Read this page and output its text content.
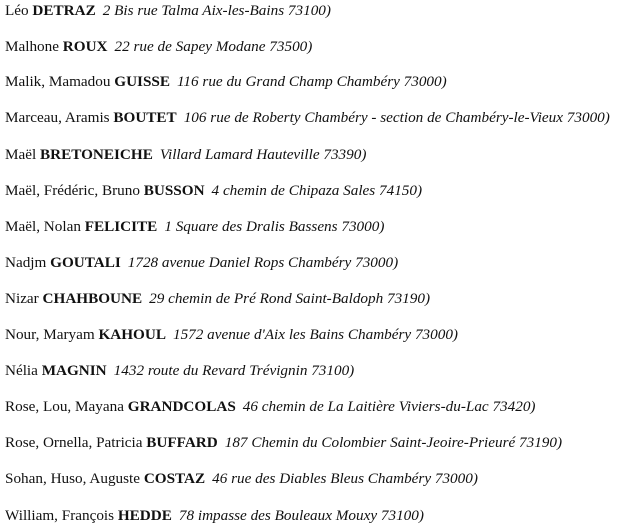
Léo DETRAZ 2 Bis rue Talma Aix-les-Bains 73100)
Malhone ROUX 22 rue de Sapey Modane 73500)
Malik, Mamadou GUISSE 116 rue du Grand Champ Chambéry 73000)
Marceau, Aramis BOUTET 106 rue de Roberty Chambéry - section de Chambéry-le-Vieux 73000)
Maël BRETONEICHE Villard Lamard Hauteville 73390)
Maël, Frédéric, Bruno BUSSON 4 chemin de Chipaza Sales 74150)
Maël, Nolan FELICITE 1 Square des Dralis Bassens 73000)
Nadjm GOUTALI 1728 avenue Daniel Rops Chambéry 73000)
Nizar CHAHBOUNE 29 chemin de Pré Rond Saint-Baldoph 73190)
Nour, Maryam KAHOUL 1572 avenue d'Aix les Bains Chambéry 73000)
Nélia MAGNIN 1432 route du Revard Trévignin 73100)
Rose, Lou, Mayana GRANDCOLAS 46 chemin de La Laitière Viviers-du-Lac 73420)
Rose, Ornella, Patricia BUFFARD 187 Chemin du Colombier Saint-Jeoire-Prieuré 73190)
Sohan, Huso, Auguste COSTAZ 46 rue des Diables Bleus Chambéry 73000)
William, François HEDDE 78 impasse des Bouleaux Mouxy 73100)
